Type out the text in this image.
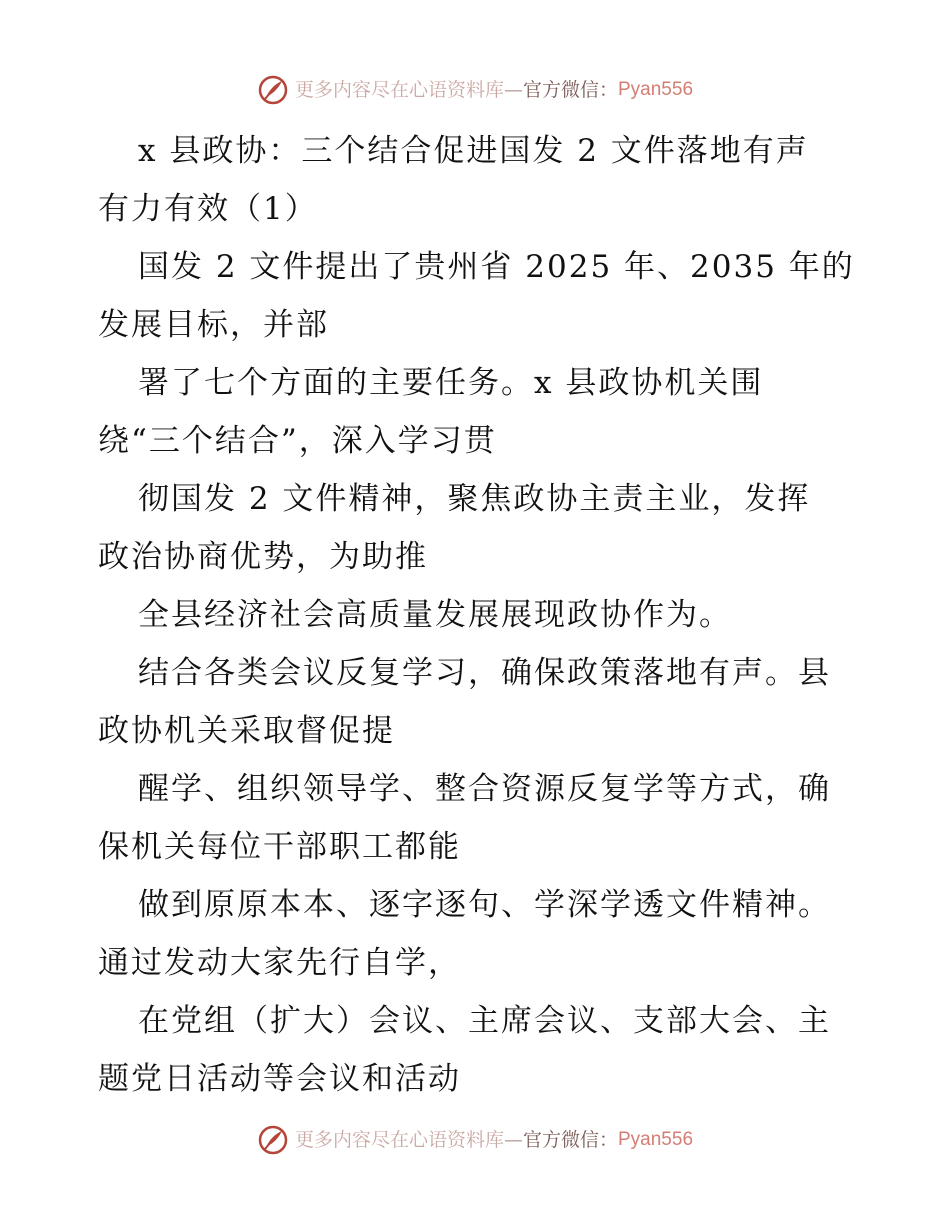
更多内容尽在心语资料库 — 官方微信： Pyan556
x 县政协：三个结合促进国发 2 文件落地有声
有力有效（1）
国发 2 文件提出了贵州省 2025 年、2035 年的
发展目标，并部
署了七个方面的主要任务。x 县政协机关围
绕“三个结合”，深入学习贯
彻国发 2 文件精神，聚焦政协主责主业，发挥
政治协商优势，为助推
全县经济社会高质量发展展现政协作为。
结合各类会议反复学习，确保政策落地有声。县
政协机关采取督促提
醒学、组织领导学、整合资源反复学等方式，确
保机关每位干部职工都能
做到原原本本、逐字逐句、学深学透文件精神。
通过发动大家先行自学，
在党组（扩大）会议、主席会议、支部大会、主
题党日活动等会议和活动
更多内容尽在心语资料库 — 官方微信： Pyan556
